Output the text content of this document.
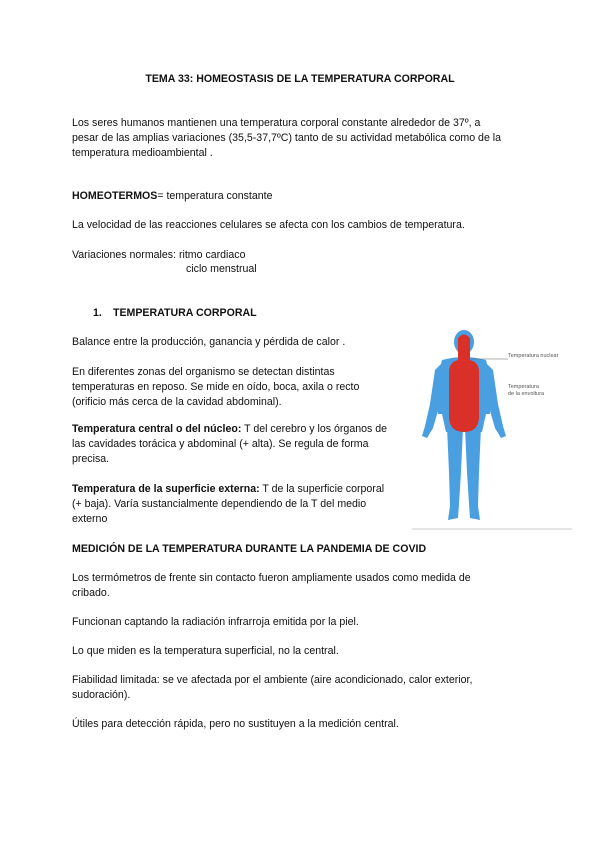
TEMA 33: HOMEOSTASIS DE LA TEMPERATURA CORPORAL
Los seres humanos mantienen una temperatura corporal constante alrededor de 37º, a
pesar de las amplias variaciones (35,5-37,7ºC) tanto de su actividad metabólica como de la
temperatura medioambiental .
HOMEOTERMOS= temperatura constante
La velocidad de las reacciones celulares se afecta con los cambios de temperatura.
Variaciones normales: ritmo cardiaco
ciclo menstrual
1. TEMPERATURA CORPORAL
Balance entre la producción, ganancia y pérdida de calor .
En diferentes zonas del organismo se detectan distintas
temperaturas en reposo. Se mide en oído, boca, axila o recto
(orificio más cerca de la cavidad abdominal).
Temperatura central o del núcleo: T del cerebro y los órganos de
las cavidades torácica y abdominal (+ alta). Se regula de forma
precisa.
Temperatura de la superficie externa: T de la superficie corporal
(+ baja). Varía sustancialmente dependiendo de la T del medio
externo
Temperatura nuclear
Temperatura
de la envoltura
MEDICIÓN DE LA TEMPERATURA DURANTE LA PANDEMIA DE COVID
Los termómetros de frente sin contacto fueron ampliamente usados como medida de
cribado.
Funcionan captando la radiación infrarroja emitida por la piel.
Lo que miden es la temperatura superficial, no la central.
Fiabilidad limitada: se ve afectada por el ambiente (aire acondicionado, calor exterior,
sudoración).
Útiles para detección rápida, pero no sustituyen a la medición central.
